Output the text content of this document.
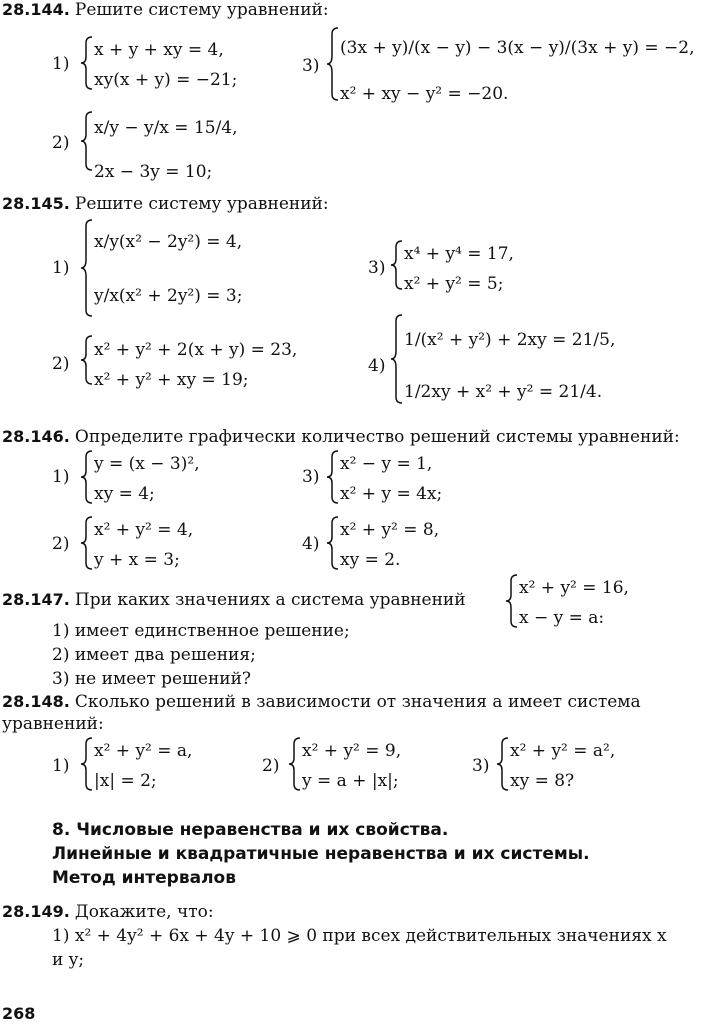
28.144. Решите систему уравнений:
1)
x + y + xy = 4,
xy(x + y) = −21;
2)
x/y − y/x = 15/4,
2x − 3y = 10;
3)
(3x + y)/(x − y) − 3(x − y)/(3x + y) = −2,
x² + xy − y² = −20.
28.145. Решите систему уравнений:
1)
x/y(x² − 2y²) = 4,
y/x(x² + 2y²) = 3;
2)
x² + y² + 2(x + y) = 23,
x² + y² + xy = 19;
3)
x⁴ + y⁴ = 17,
x² + y² = 5;
4)
1/(x² + y²) + 2xy = 21/5,
1/2xy + x² + y² = 21/4.
28.146. Определите графически количество решений системы уравнений:
1)
y = (x − 3)²,
xy = 4;
2)
x² + y² = 4,
y + x = 3;
3)
x² − y = 1,
x² + y = 4x;
4)
x² + y² = 8,
xy = 2.
28.147. При каких значениях a система уравнений
x² + y² = 16,
x − y = a:
1) имеет единственное решение;
2) имеет два решения;
3) не имеет решений?
28.148. Сколько решений в зависимости от значения a имеет система
уравнений:
1)
x² + y² = a,
|x| = 2;
2)
x² + y² = 9,
y = a + |x|;
3)
x² + y² = a²,
xy = 8?
8. Числовые неравенства и их свойства.
Линейные и квадратичные неравенства и их системы.
Метод интервалов
28.149. Докажите, что:
1) x² + 4y² + 6x + 4y + 10 ⩾ 0 при всех действительных значениях x
и y;
268
